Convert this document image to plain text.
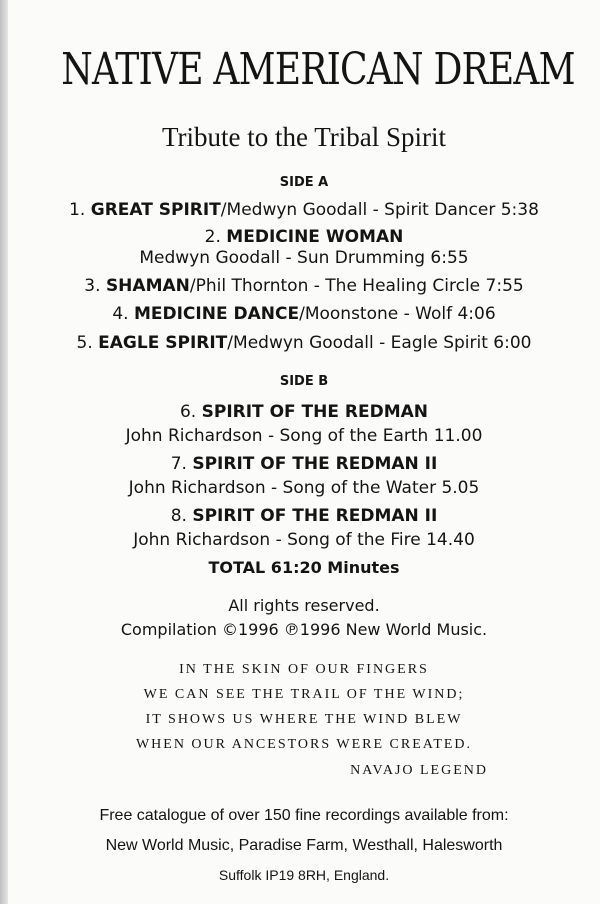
NATIVE AMERICAN DREAM
Tribute to the Tribal Spirit
SIDE A
1. GREAT SPIRIT/Medwyn Goodall - Spirit Dancer 5:38
2. MEDICINE WOMAN
Medwyn Goodall - Sun Drumming 6:55
3. SHAMAN/Phil Thornton - The Healing Circle 7:55
4. MEDICINE DANCE/Moonstone - Wolf 4:06
5. EAGLE SPIRIT/Medwyn Goodall - Eagle Spirit 6:00
SIDE B
6. SPIRIT OF THE REDMAN
John Richardson - Song of the Earth 11.00
7. SPIRIT OF THE REDMAN II
John Richardson - Song of the Water 5.05
8. SPIRIT OF THE REDMAN II
John Richardson - Song of the Fire 14.40
TOTAL 61:20 Minutes
All rights reserved.
Compilation ©1996 ℗1996 New World Music.
IN THE SKIN OF OUR FINGERS
WE CAN SEE THE TRAIL OF THE WIND;
IT SHOWS US WHERE THE WIND BLEW
WHEN OUR ANCESTORS WERE CREATED.
NAVAJO LEGEND
Free catalogue of over 150 fine recordings available from:
New World Music, Paradise Farm, Westhall, Halesworth
Suffolk IP19 8RH, England.
